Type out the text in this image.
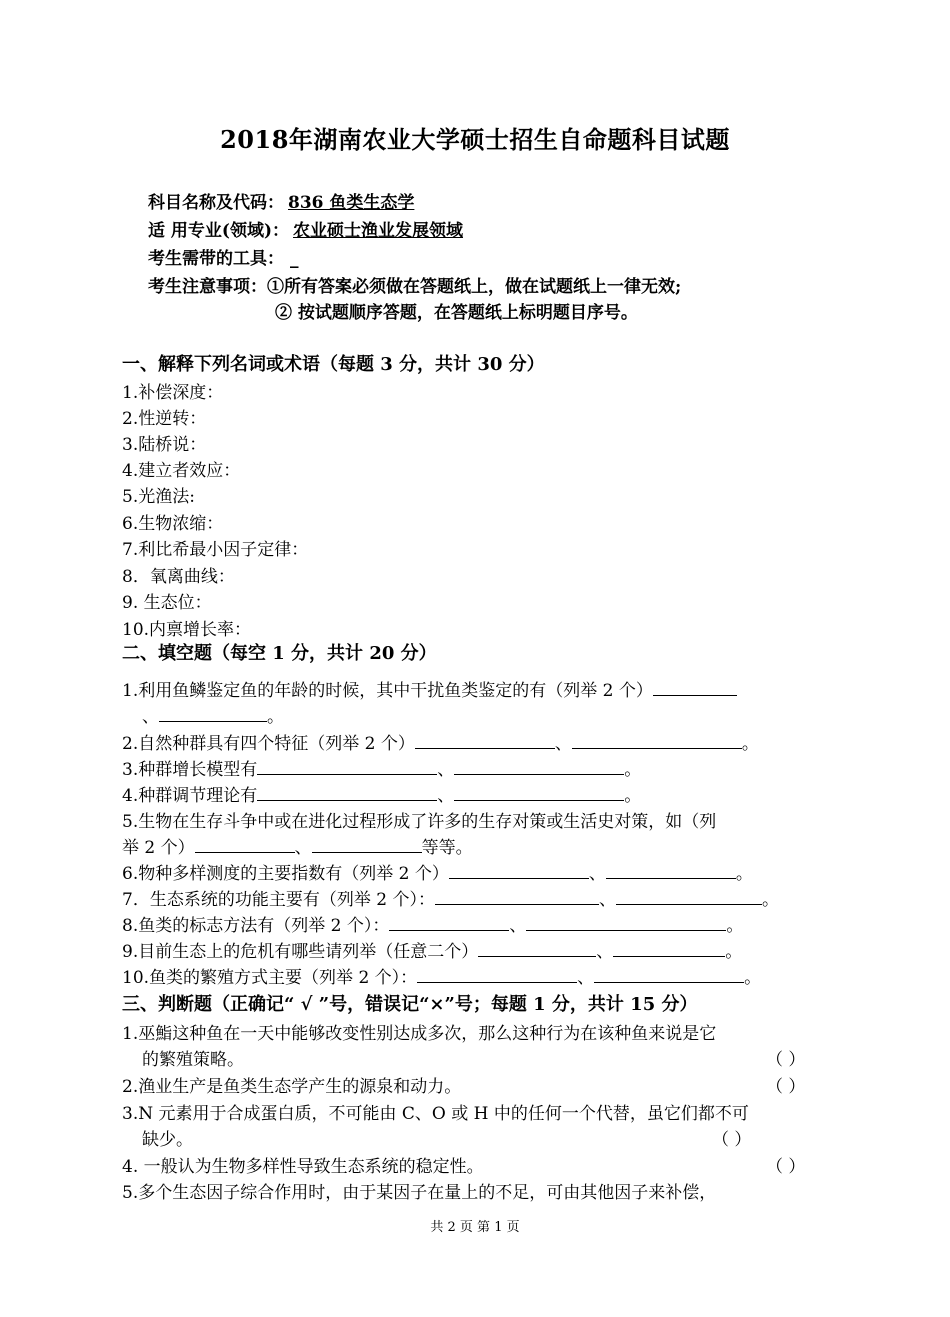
2018年湖南农业大学硕士招生自命题科目试题
科目名称及代码： 836 鱼类生态学
适 用专业(领域)： 农业硕士渔业发展领域
考生需带的工具： _
考生注意事项：①所有答案必须做在答题纸上，做在试题纸上一律无效;
② 按试题顺序答题，在答题纸上标明题目序号。
一、解释下列名词或术语（每题 3 分，共计 30 分）
1.补偿深度：
2.性逆转：
3.陆桥说：
4.建立者效应：
5.光渔法:
6.生物浓缩：
7.利比希最小因子定律：
8．氧离曲线：
9. 生态位：
10.内禀增长率：
二、填空题（每空 1 分，共计 20 分）
1.利用鱼鳞鉴定鱼的年龄的时候，其中干扰鱼类鉴定的有（列举 2 个）
、	。
2.自然种群具有四个特征（列举 2 个）	、	。
3.种群增长模型有	、	。
4.种群调节理论有	、	。
5.生物在生存斗争中或在进化过程形成了许多的生存对策或生活史对策，如（列
举 2 个）	、	等等。
6.物种多样测度的主要指数有（列举 2 个）	、	。
7．生态系统的功能主要有（列举 2 个）：	、	。
8.鱼类的标志方法有（列举 2 个）：	、	。
9.目前生态上的危机有哪些请列举（任意二个）	、	。
10.鱼类的繁殖方式主要（列举 2 个）：	、	。
三、判断题（正确记“ √ ”号，错误记“×”号；每题 1 分，共计 15 分）
1.巫鮨这种鱼在一天中能够改变性别达成多次，那么这种行为在该种鱼来说是它
的繁殖策略。	（ ）
2.渔业生产是鱼类生态学产生的源泉和动力。	（ ）
3.N 元素用于合成蛋白质，不可能由 C、O 或 H 中的任何一个代替，虽它们都不可
缺少。	（ ）
4. 一般认为生物多样性导致生态系统的稳定性。	（ ）
5.多个生态因子综合作用时，由于某因子在量上的不足，可由其他因子来补偿，
共 2 页 第 1 页
